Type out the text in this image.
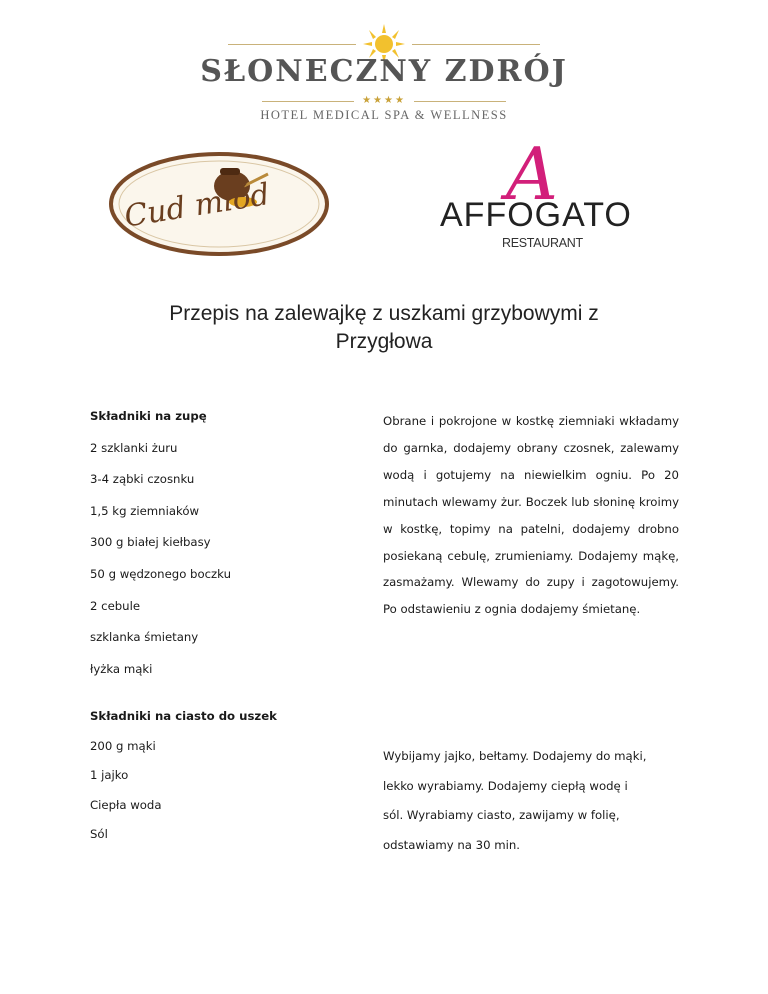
SŁONECZNY ZDRÓJ
★★★★
HOTEL MEDICAL SPA & WELLNESS
Cud miód	A
AFFOGATO
RESTAURANT
Przepis na zalewajkę z uszkami grzybowymi z
Przygłowa
Składniki na zupę
2 szklanki żuru
3-4 ząbki czosnku
1,5 kg ziemniaków
300 g białej kiełbasy
50 g wędzonego boczku
2 cebule
szklanka śmietany
łyżka mąki
Obrane i pokrojone w kostkę ziemniaki wkładamy do garnka, dodajemy obrany czosnek, zalewamy wodą i gotujemy na niewielkim ogniu. Po 20 minutach wlewamy żur. Boczek lub słoninę kroimy w kostkę, topimy na patelni, dodajemy drobno posiekaną cebulę, zrumieniamy. Dodajemy mąkę, zasmażamy. Wlewamy do zupy i zagotowujemy. Po odstawieniu z ognia dodajemy śmietanę.
Składniki na ciasto do uszek
200 g mąki
1 jajko
Ciepła woda
Sól
Wybijamy jajko, bełtamy. Dodajemy do mąki,
lekko wyrabiamy. Dodajemy ciepłą wodę i
sól. Wyrabiamy ciasto, zawijamy w folię,
odstawiamy na 30 min.
